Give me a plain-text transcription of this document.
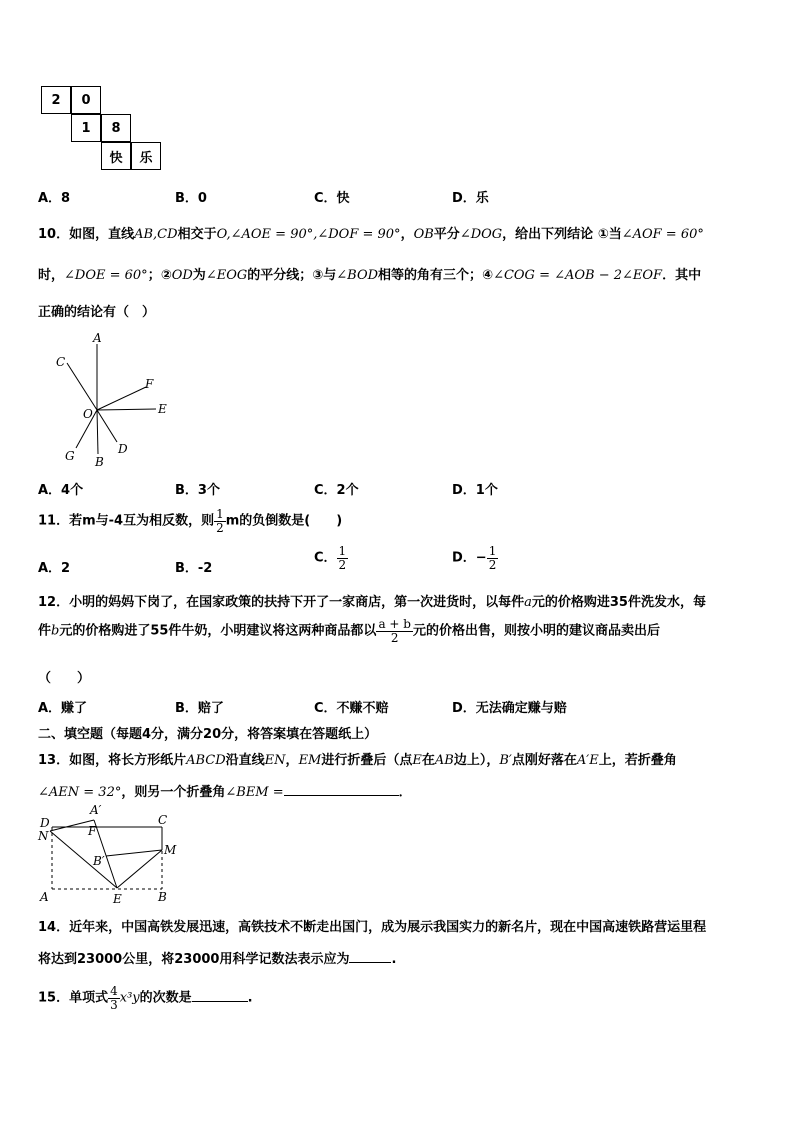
2	0
1	8
快	乐
A．8	B．0	C．快	D．乐
10．如图，直线AB,CD相交于O,∠AOE = 90°,∠DOF = 90°，OB平分∠DOG，给出下列结论 ①当∠AOF = 60°
时，∠DOE = 60°；②OD为∠EOG的平分线；③与∠BOD相等的角有三个；④∠COG = ∠AOB − 2∠EOF．其中
正确的结论有（　）
A
C
F
O	E
G B
D
A．4个	B．3个	C．2个	D．1个
11．若m与-4互为相反数，则 $\frac{1}{2}$ m的负倒数是(　　)
A．2	B．-2
C． $\frac{1}{2}$	D．− $\frac{1}{2}$
12．小明的妈妈下岗了，在国家政策的扶持下开了一家商店，第一次进货时，以每件a元的价格购进35件洗发水，每
件b元的价格购进了55件牛奶，小明建议将这两种商品都以 $\frac{a + b}{2}$ 元的价格出售，则按小明的建议商品卖出后
（　　）
A．赚了	B．赔了	C．不赚不赔	D．无法确定赚与赔
二、填空题（每题4分，满分20分，将答案填在答题纸上）
13．如图，将长方形纸片ABCD沿直线EN，EM进行折叠后（点E在AB边上），B′点刚好落在A′E上，若折叠角
∠AEN = 32°，则另一个折叠角∠BEM =	．
A′
D	C
N	F
M
B′
A	E	B
14．近年来，中国高铁发展迅速，高铁技术不断走出国门，成为展示我国实力的新名片，现在中国高速铁路营运里程
将达到23000公里，将23000用科学记数法表示应为	.
15．单项式 $\frac{4}{3} x^3y$的次数是	.
